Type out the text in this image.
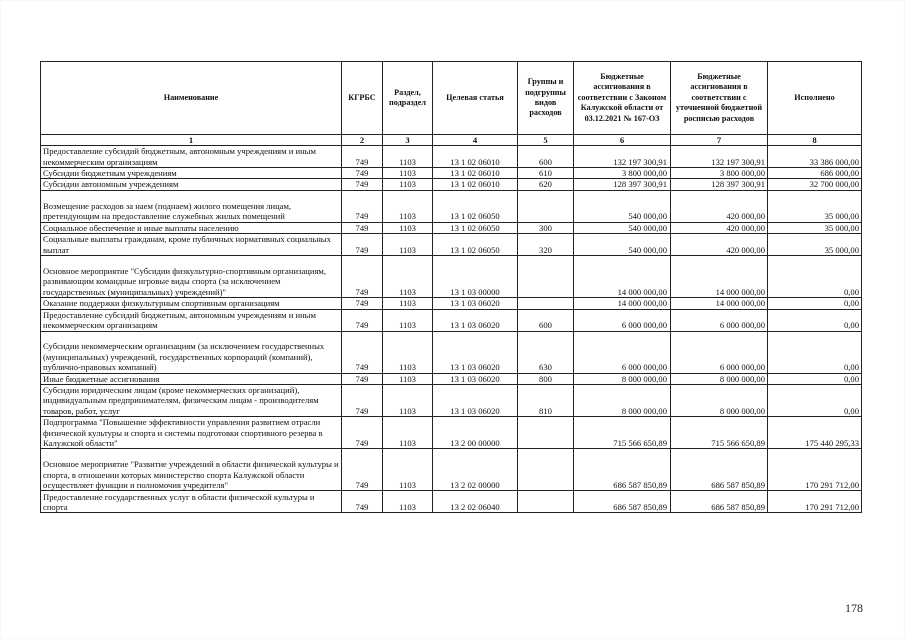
Наименование	КГРБС	Раздел, подраздел	Целевая статья	Группы и подгруппы видов расходов	Бюджетные ассигнования в соответствии с Законом Калужской области от 03.12.2021 № 167-ОЗ	Бюджетные ассигнования в соответствии с уточненной бюджетной росписью расходов	Исполнено
1	2	3	4	5	6	7	8
Предоставление субсидий бюджетным, автономным учреждениям и иным некоммерческим организациям	749	1103	13 1 02 06010	600	132 197 300,91	132 197 300,91	33 386 000,00
Субсидии бюджетным учреждениям	749	1103	13 1 02 06010	610	3 800 000,00	3 800 000,00	686 000,00
Субсидии автономным учреждениям	749	1103	13 1 02 06010	620	128 397 300,91	128 397 300,91	32 700 000,00
Возмещение расходов за наем (поднаем) жилого помещения лицам, претендующим на предоставление служебных жилых помещений	749	1103	13 1 02 06050		540 000,00	420 000,00	35 000,00
Социальное обеспечение и иные выплаты населению	749	1103	13 1 02 06050	300	540 000,00	420 000,00	35 000,00
Социальные выплаты гражданам, кроме публичных нормативных социальных выплат	749	1103	13 1 02 06050	320	540 000,00	420 000,00	35 000,00
Основное мероприятие "Субсидии физкультурно-спортивным организациям, развивающим командные игровые виды спорта (за исключением государственных (муниципальных) учреждений)"	749	1103	13 1 03 00000		14 000 000,00	14 000 000,00	0,00
Оказание поддержки физкультурным спортивным организациям	749	1103	13 1 03 06020		14 000 000,00	14 000 000,00	0,00
Предоставление субсидий бюджетным, автономным учреждениям и иным некоммерческим организациям	749	1103	13 1 03 06020	600	6 000 000,00	6 000 000,00	0,00
Субсидии некоммерческим организациям (за исключением государственных (муниципальных) учреждений, государственных корпораций (компаний), публично-правовых компаний)	749	1103	13 1 03 06020	630	6 000 000,00	6 000 000,00	0,00
Иные бюджетные ассигнования	749	1103	13 1 03 06020	800	8 000 000,00	8 000 000,00	0,00
Субсидии юридическим лицам (кроме некоммерческих организаций), индивидуальным предпринимателям, физическим лицам - производителям товаров, работ, услуг	749	1103	13 1 03 06020	810	8 000 000,00	8 000 000,00	0,00
Подпрограмма "Повышение эффективности управления развитием отрасли физической культуры и спорта и системы подготовки спортивного резерва в Калужской области"	749	1103	13 2 00 00000		715 566 650,89	715 566 650,89	175 440 295,33
Основное мероприятие "Развитие учреждений в области физической культуры и спорта, в отношении которых министерство спорта Калужской области осуществляет функции и полномочия учредителя"	749	1103	13 2 02 00000		686 587 850,89	686 587 850,89	170 291 712,00
Предоставление государственных услуг в области физической культуры и спорта	749	1103	13 2 02 06040		686 587 850,89	686 587 850,89	170 291 712,00
178
